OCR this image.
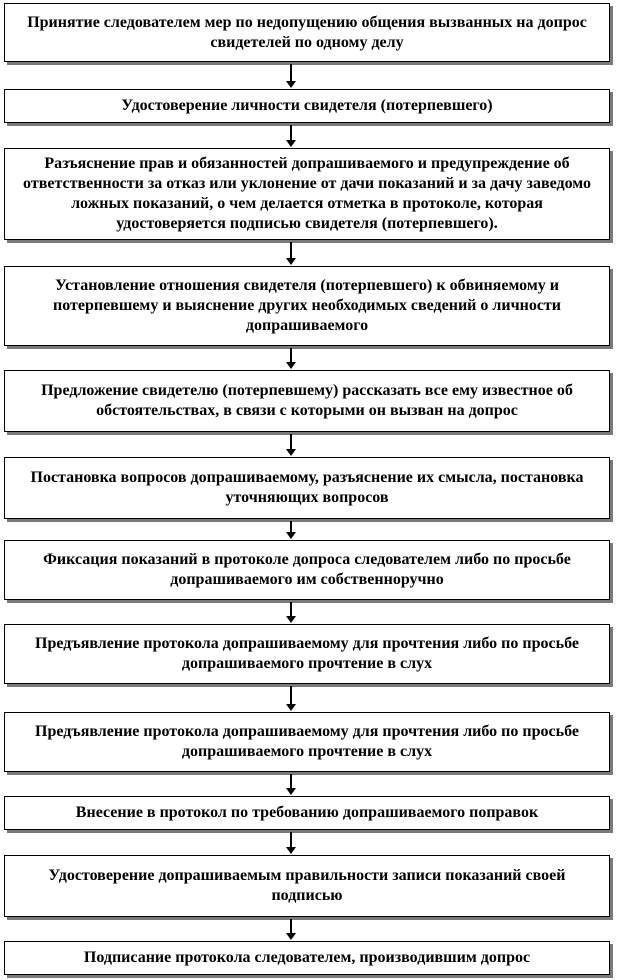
Принятие следователем мер по недопущению общения вызванных на допрос свидетелей по одному делу
Удостоверение личности свидетеля (потерпевшего)
Разъяснение прав и обязанностей допрашиваемого и предупреждение об ответственности за отказ или уклонение от дачи показаний и за дачу заведомо ложных показаний, о чем делается отметка в протоколе, которая удостоверяется подписью свидетеля (потерпевшего).
Установление отношения свидетеля (потерпевшего) к обвиняемому и потерпевшему и выяснение других необходимых сведений о личности допрашиваемого
Предложение свидетелю (потерпевшему) рассказать все ему известное об обстоятельствах, в связи с которыми он вызван на допрос
Постановка вопросов допрашиваемому, разъяснение их смысла, постановка уточняющих вопросов
Фиксация показаний в протоколе допроса следователем либо по просьбе допрашиваемого им собственноручно
Предъявление протокола допрашиваемому для прочтения либо по просьбе допрашиваемого прочтение в слух
Предъявление протокола допрашиваемому для прочтения либо по просьбе допрашиваемого прочтение в слух
Внесение в протокол по требованию допрашиваемого поправок
Удостоверение допрашиваемым правильности записи показаний своей подписью
Подписание протокола следователем, производившим допрос
